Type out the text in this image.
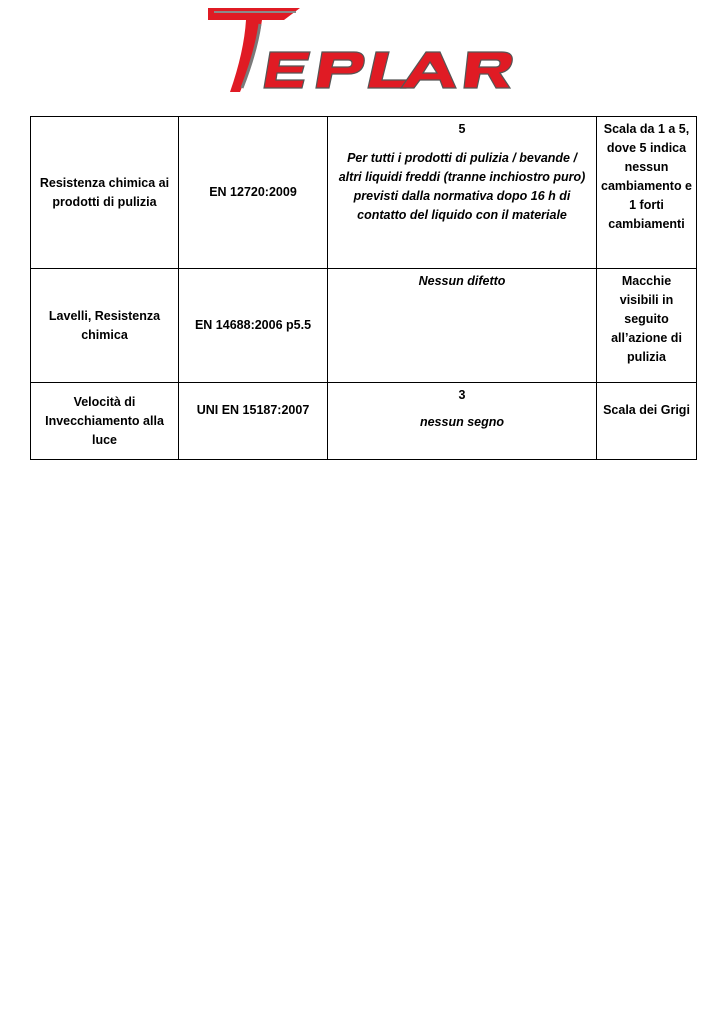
Resistenza chimica ai prodotti di pulizia	EN 12720:2009	5
Per tutti i prodotti di pulizia / bevande / altri liquidi freddi (tranne inchiostro puro) previsti dalla normativa dopo 16 h di contatto del liquido con il materiale	Scala da 1 a 5, dove 5 indica nessun cambiamento e 1 forti cambiamenti

Lavelli, Resistenza chimica	EN 14688:2006 p5.5	Nessun difetto	Macchie visibili in seguito all’azione di pulizia

Velocità di Invecchiamento alla luce	UNI EN 15187:2007	3
nessun segno	Scala dei Grigi
